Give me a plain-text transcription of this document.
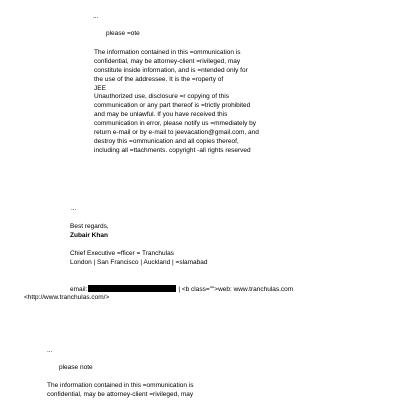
...
please =ote
The information contained in this =ommunication is
confidential, may be attorney-client =rivileged, may
constitute inside information, and is =ntended only for
the use of the addressee. It is the =roperty of
JEE
Unauthorized use, disclosure =r copying of this
communication or any part thereof is =trictly prohibited
and may be unlawful. If you have received this
communication in error, please notify us =mmediately by
return e-mail or by e-mail to jeevacation@gmail.com, and
destroy this =ommunication and all copies thereof,
including all =ttachments. copyright -all rights reserved
...
Best regards,
Zubair Khan
Chief Executive =fficer = Tranchulas
London | San Francisco | Auckland | =slamabad
email:	| <b class="">web: www.tranchulas.com
<http://www.tranchulas.com/>
...
please note
The information contained in this =ommunication is
confidential, may be attorney-client =rivileged, may
